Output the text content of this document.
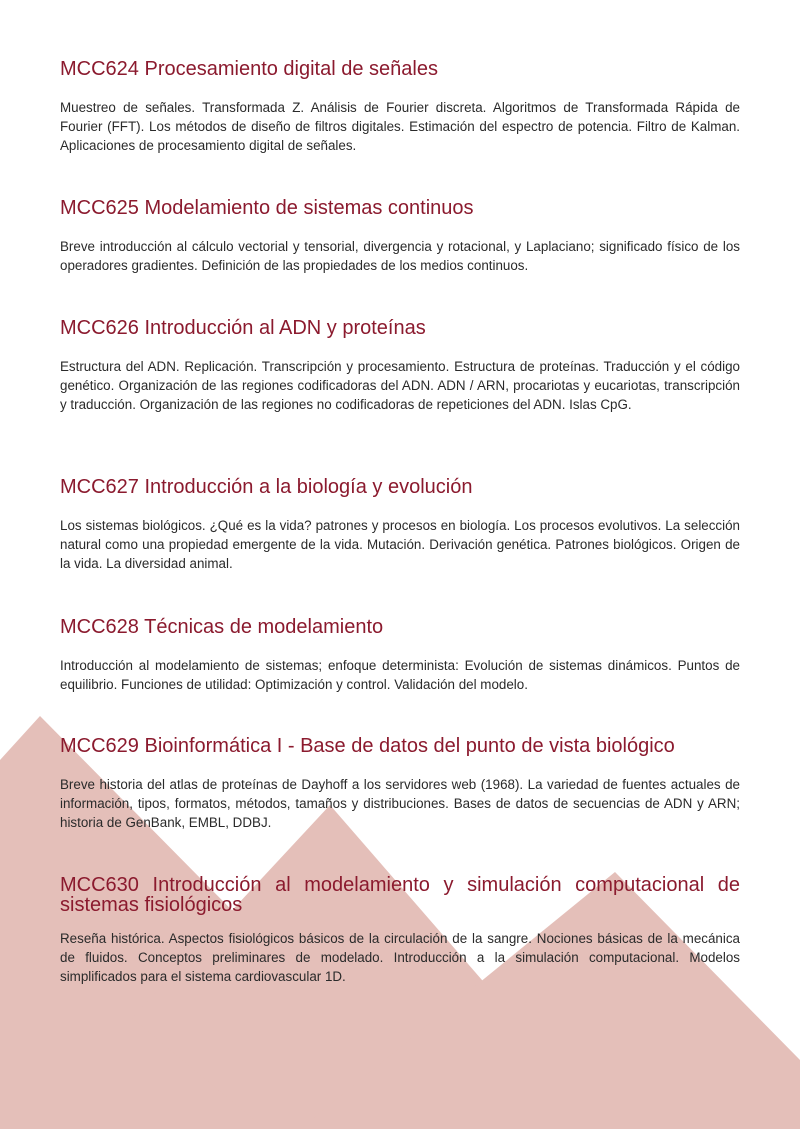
MCC624 Procesamiento digital de señales

Muestreo de señales. Transformada Z. Análisis de Fourier discreta. Algoritmos de Transformada Rápida de Fourier (FFT). Los métodos de diseño de filtros digitales. Estimación del espectro de potencia. Filtro de Kalman. Aplicaciones de procesamiento digital de señales.

MCC625 Modelamiento de sistemas continuos

Breve introducción al cálculo vectorial y tensorial, divergencia y rotacional, y Laplaciano; significado físico de los operadores gradientes. Definición de las propiedades de los medios continuos.

MCC626 Introducción al ADN y proteínas

Estructura del ADN. Replicación. Transcripción y procesamiento. Estructura de proteínas. Traducción y el código genético. Organización de las regiones codificadoras del ADN. ADN / ARN, procariotas y eucariotas, transcripción y traducción. Organización de las regiones no codificadoras de repeticiones del ADN. Islas CpG.

MCC627 Introducción a la biología y evolución

Los sistemas biológicos. ¿Qué es la vida? patrones y procesos en biología. Los procesos evolutivos. La selección natural como una propiedad emergente de la vida. Mutación. Derivación genética. Patrones biológicos. Origen de la vida. La diversidad animal.

MCC628 Técnicas de modelamiento

Introducción al modelamiento de sistemas; enfoque determinista: Evolución de sistemas dinámicos. Puntos de equilibrio. Funciones de utilidad: Optimización y control. Validación del modelo.

MCC629 Bioinformática I - Base de datos del punto de vista biológico

Breve historia del atlas de proteínas de Dayhoff a los servidores web (1968). La variedad de fuentes actuales de información, tipos, formatos, métodos, tamaños y distribuciones. Bases de datos de secuencias de ADN y ARN; historia de GenBank, EMBL, DDBJ.

MCC630 Introducción al modelamiento y simulación computacional de sistemas fisiológicos

Reseña histórica. Aspectos fisiológicos básicos de la circulación de la sangre. Nociones básicas de la mecánica de fluidos. Conceptos preliminares de modelado. Introducción a la simulación computacional. Modelos simplificados para el sistema cardiovascular 1D.
